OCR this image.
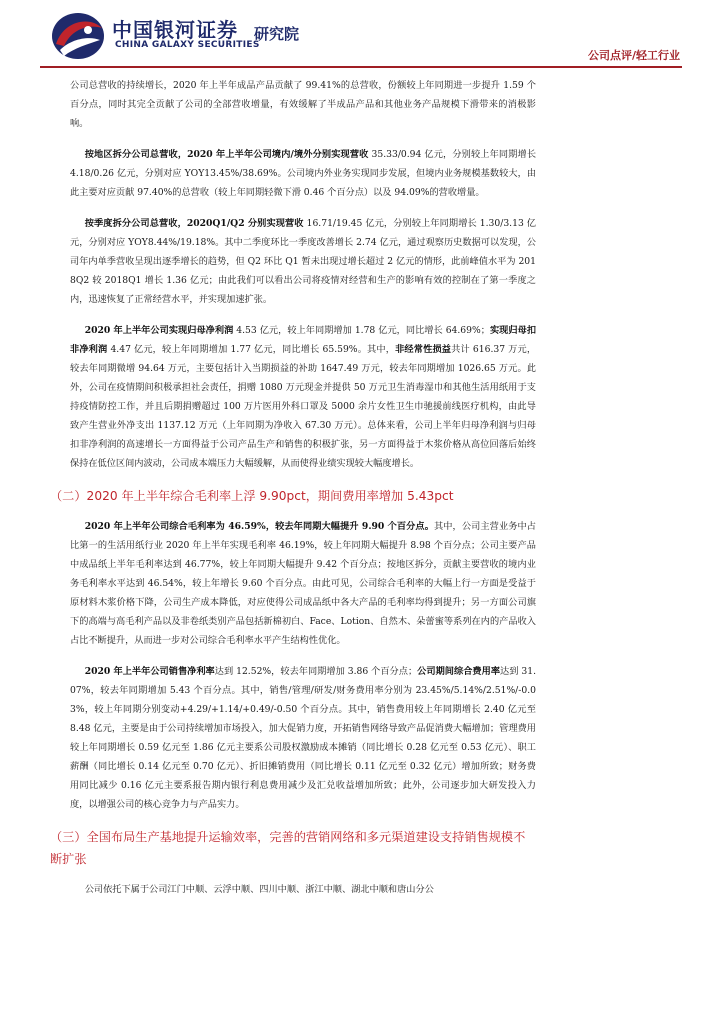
中国银河证券
CHINA GALAXY SECURITIES
研究院
公司点评/轻工行业

公司总营收的持续增长，2020 年上半年成品产品贡献了 99.41%的总营收，份额较上年同期进一步提升 1.59 个百分点，同时其完全贡献了公司的全部营收增量，有效缓解了半成品产品和其他业务产品规模下滑带来的消极影响。

按地区拆分公司总营收，2020 年上半年公司境内/境外分别实现营收 35.33/0.94 亿元，分别较上年同期增长 4.18/0.26 亿元，分别对应 YOY13.45%/38.69%。公司境内外业务实现同步发展，但境内业务规模基数较大，由此主要对应贡献 97.40%的总营收（较上年同期轻微下滑 0.46 个百分点）以及 94.09%的营收增量。

按季度拆分公司总营收，2020Q1/Q2 分别实现营收 16.71/19.45 亿元，分别较上年同期增长 1.30/3.13 亿元，分别对应 YOY8.44%/19.18%。其中二季度环比一季度改善增长 2.74 亿元，通过观察历史数据可以发现，公司年内单季营收呈现出逐季增长的趋势，但 Q2 环比 Q1 暂未出现过增长超过 2 亿元的情形，此前峰值水平为 2018Q2 较 2018Q1 增长 1.36 亿元；由此我们可以看出公司将疫情对经营和生产的影响有效的控制在了第一季度之内，迅速恢复了正常经营水平，并实现加速扩张。

2020 年上半年公司实现归母净利润 4.53 亿元，较上年同期增加 1.78 亿元，同比增长 64.69%；实现归母扣非净利润 4.47 亿元，较上年同期增加 1.77 亿元，同比增长 65.59%。其中，非经常性损益共计 616.37 万元，较去年同期微增 94.64 万元，主要包括计入当期损益的补助 1647.49 万元，较去年同期增加 1026.65 万元。此外，公司在疫情期间积极承担社会责任，捐赠 1080 万元现金并提供 50 万元卫生消毒湿巾和其他生活用纸用于支持疫情防控工作，并且后期捐赠超过 100 万片医用外科口罩及 5000 余片女性卫生巾驰援前线医疗机构，由此导致产生营业外净支出 1137.12 万元（上年同期为净收入 67.30 万元）。总体来看，公司上半年归母净利润与归母扣非净利润的高速增长一方面得益于公司产品生产和销售的积极扩张，另一方面得益于木浆价格从高位回落后始终保持在低位区间内波动，公司成本端压力大幅缓解，从而使得业绩实现较大幅度增长。

（二）2020 年上半年综合毛利率上浮 9.90pct，期间费用率增加 5.43pct

2020 年上半年公司综合毛利率为 46.59%，较去年同期大幅提升 9.90 个百分点。其中，公司主营业务中占比第一的生活用纸行业 2020 年上半年实现毛利率 46.19%，较上年同期大幅提升 8.98 个百分点；公司主要产品中成品纸上半年毛利率达到 46.77%，较上年同期大幅提升 9.42 个百分点；按地区拆分，贡献主要营收的境内业务毛利率水平达到 46.54%，较上年增长 9.60 个百分点。由此可见，公司综合毛利率的大幅上行一方面是受益于原材料木浆价格下降，公司生产成本降低，对应使得公司成品纸中各大产品的毛利率均得到提升；另一方面公司旗下的高端与高毛利产品以及非卷纸类别产品包括新棉初白、Face、Lotion、自然木、朵蕾蜜等系列在内的产品收入占比不断提升，从而进一步对公司综合毛利率水平产生结构性优化。

2020 年上半年公司销售净利率达到 12.52%，较去年同期增加 3.86 个百分点；公司期间综合费用率达到 31.07%，较去年同期增加 5.43 个百分点。其中，销售/管理/研发/财务费用率分别为 23.45%/5.14%/2.51%/-0.03%，较上年同期分别变动+4.29/+1.14/+0.49/-0.50 个百分点。其中，销售费用较上年同期增长 2.40 亿元至 8.48 亿元，主要是由于公司持续增加市场投入，加大促销力度，开拓销售网络导致产品促消费大幅增加；管理费用较上年同期增长 0.59 亿元至 1.86 亿元主要系公司股权激励成本摊销（同比增长 0.28 亿元至 0.53 亿元）、职工薪酬（同比增长 0.14 亿元至 0.70 亿元）、折旧摊销费用（同比增长 0.11 亿元至 0.32 亿元）增加所致；财务费用同比减少 0.16 亿元主要系报告期内银行利息费用减少及汇兑收益增加所致；此外，公司逐步加大研发投入力度，以增强公司的核心竞争力与产品实力。

（三）全国布局生产基地提升运输效率，完善的营销网络和多元渠道建设支持销售规模不断扩张

公司依托下属于公司江门中顺、云浮中顺、四川中顺、浙江中顺、湖北中顺和唐山分公
